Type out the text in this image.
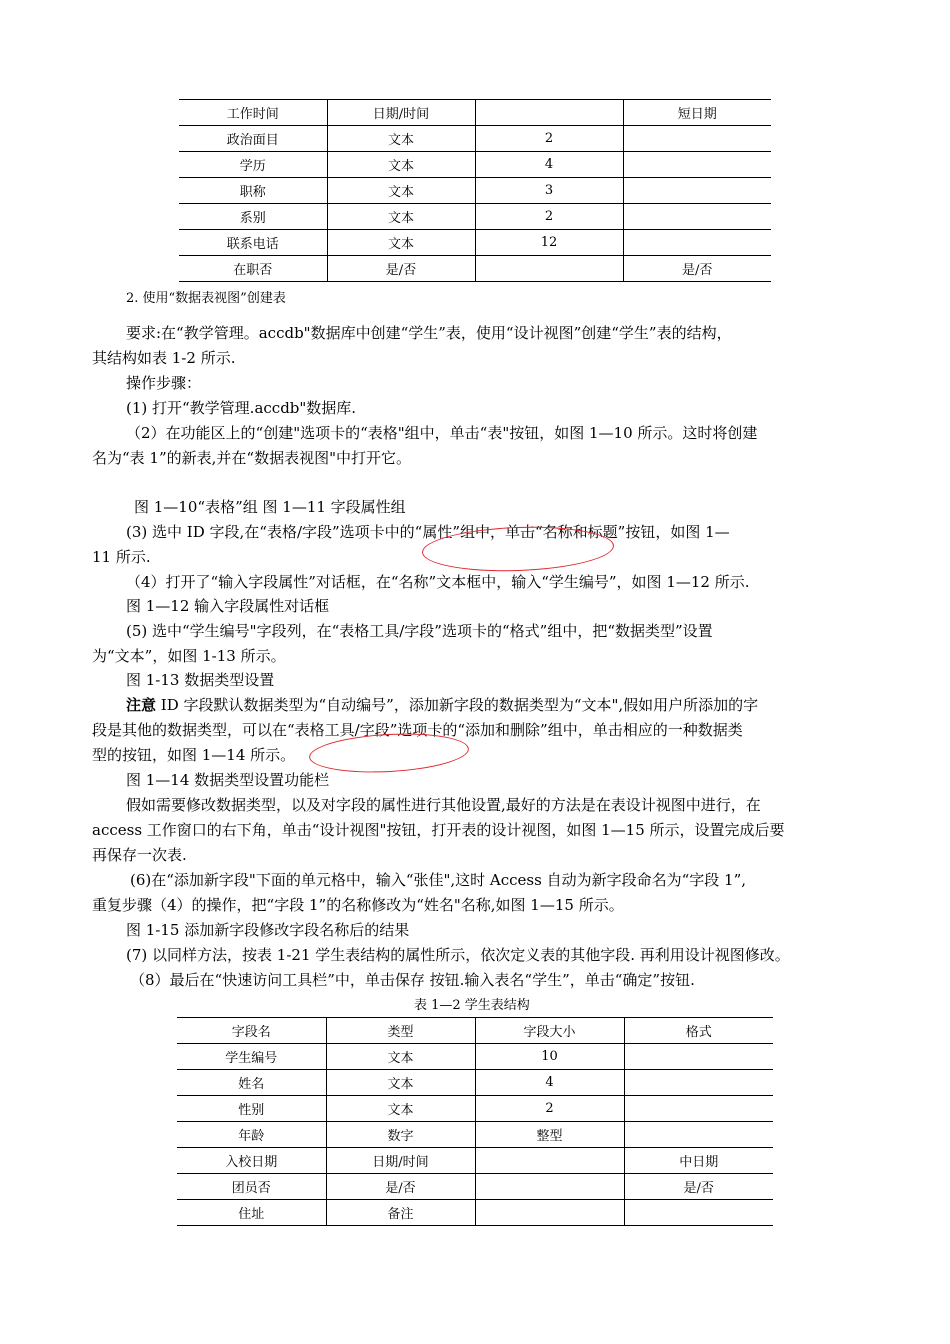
工作时间	日期/时间		短日期
政治面目	文本	2	
学历	文本	4	
职称	文本	3	
系别	文本	2	
联系电话	文本	12	
在职否	是/否		是/否
2. 使用“数据表视图”创建表
要求:在“教学管理。accdb"数据库中创建“学生”表，使用“设计视图”创建“学生”表的结构，
其结构如表 1-2 所示.
操作步骤：
(1) 打开“教学管理.accdb"数据库.
（2）在功能区上的“创建"选项卡的“表格"组中，单击“表"按钮，如图 1—10 所示。这时将创建
名为“表 1”的新表,并在“数据表视图"中打开它。
图 1—10“表格”组 图 1—11 字段属性组
(3) 选中 ID 字段,在“表格/字段”选项卡中的“属性”组中，单击“名称和标题”按钮，如图 1—
11 所示.
（4）打开了“输入字段属性”对话框，在“名称”文本框中，输入“学生编号”，如图 1—12 所示.
图 1—12 输入字段属性对话框
(5) 选中“学生编号"字段列，在“表格工具/字段”选项卡的“格式”组中，把“数据类型”设置
为“文本”，如图 1-13 所示。
图 1-13 数据类型设置
注意 ID 字段默认数据类型为“自动编号”，添加新字段的数据类型为“文本",假如用户所添加的字
段是其他的数据类型，可以在“表格工具/字段”选项卡的“添加和删除”组中，单击相应的一种数据类
型的按钮，如图 1—14 所示。
图 1—14 数据类型设置功能栏
假如需要修改数据类型，以及对字段的属性进行其他设置,最好的方法是在表设计视图中进行，在
access 工作窗口的右下角，单击“设计视图"按钮，打开表的设计视图，如图 1—15 所示，设置完成后要
再保存一次表.
(6)在“添加新字段"下面的单元格中，输入“张佳",这时 Access 自动为新字段命名为“字段 1”,
重复步骤（4）的操作，把“字段 1”的名称修改为“姓名"名称,如图 1—15 所示。
图 1-15 添加新字段修改字段名称后的结果
(7) 以同样方法，按表 1-21 学生表结构的属性所示，依次定义表的其他字段. 再利用设计视图修改。
（8）最后在“快速访问工具栏”中，单击保存 按钮.输入表名“学生”，单击“确定”按钮.
表 1—2 学生表结构
字段名	类型	字段大小	格式
学生编号	文本	10	
姓名	文本	4	
性别	文本	2	
年龄	数字	整型	
入校日期	日期/时间		中日期
团员否	是/否		是/否
住址	备注		
